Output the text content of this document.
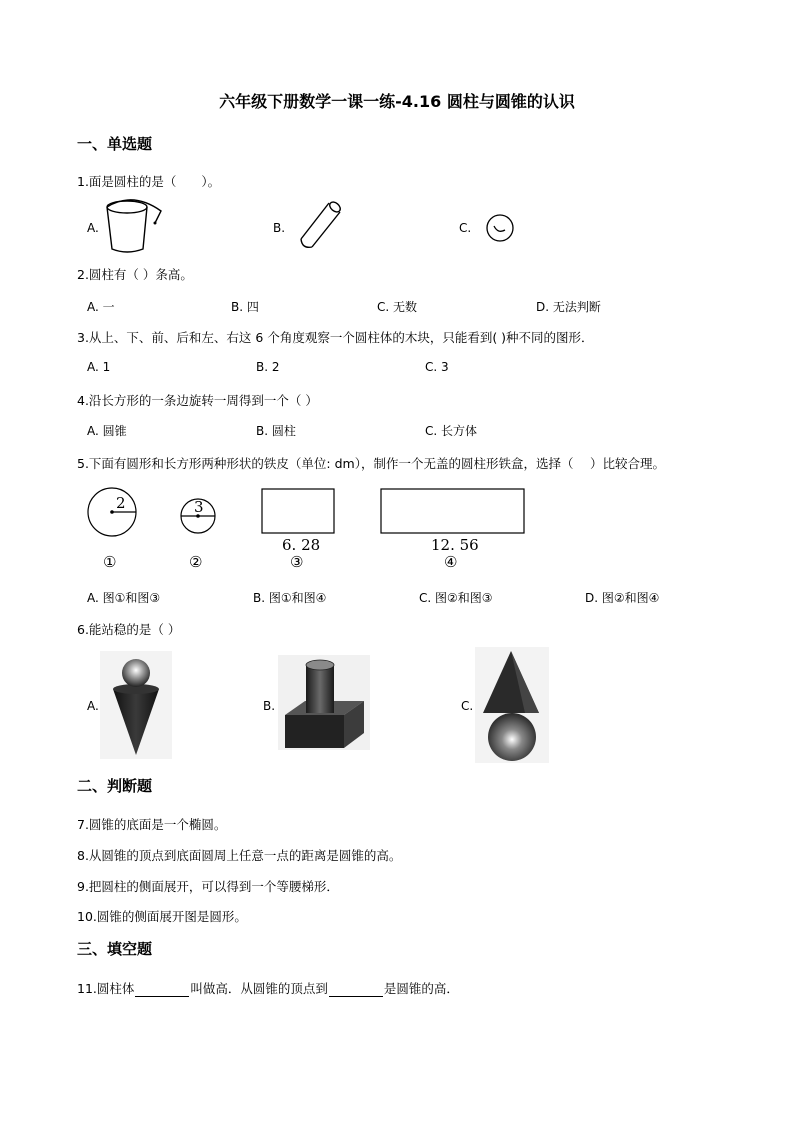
六年级下册数学一课一练-4.16 圆柱与圆锥的认识
一、单选题
1.面是圆柱的是（　　）。
A.	B.	C.
2.圆柱有（ ）条高。
A. 一	B. 四	C. 无数	D. 无法判断
3.从上、下、前、后和左、右这 6 个角度观察一个圆柱体的木块，只能看到( )种不同的图形．
A. 1	B. 2	C. 3
4.沿长方形的一条边旋转一周得到一个（ ）
A. 圆锥	B. 圆柱	C. 长方体
5.下面有圆形和长方形两种形状的铁皮（单位: dm），制作一个无盖的圆柱形铁盒，选择（　 ）比较合理。
2	3
6. 28	12. 56
①	②	③	④
A. 图①和图③	B. 图①和图④	C. 图②和图③	D. 图②和图④
6.能站稳的是（ ）
A.	B.	C.
二、判断题
7.圆锥的底面是一个椭圆。
8.从圆锥的顶点到底面圆周上任意一点的距离是圆锥的高。
9.把圆柱的侧面展开，可以得到一个等腰梯形．
10.圆锥的侧面展开图是圆形。
三、填空题
11.圆柱体	叫做高．从圆锥的顶点到	是圆锥的高．
